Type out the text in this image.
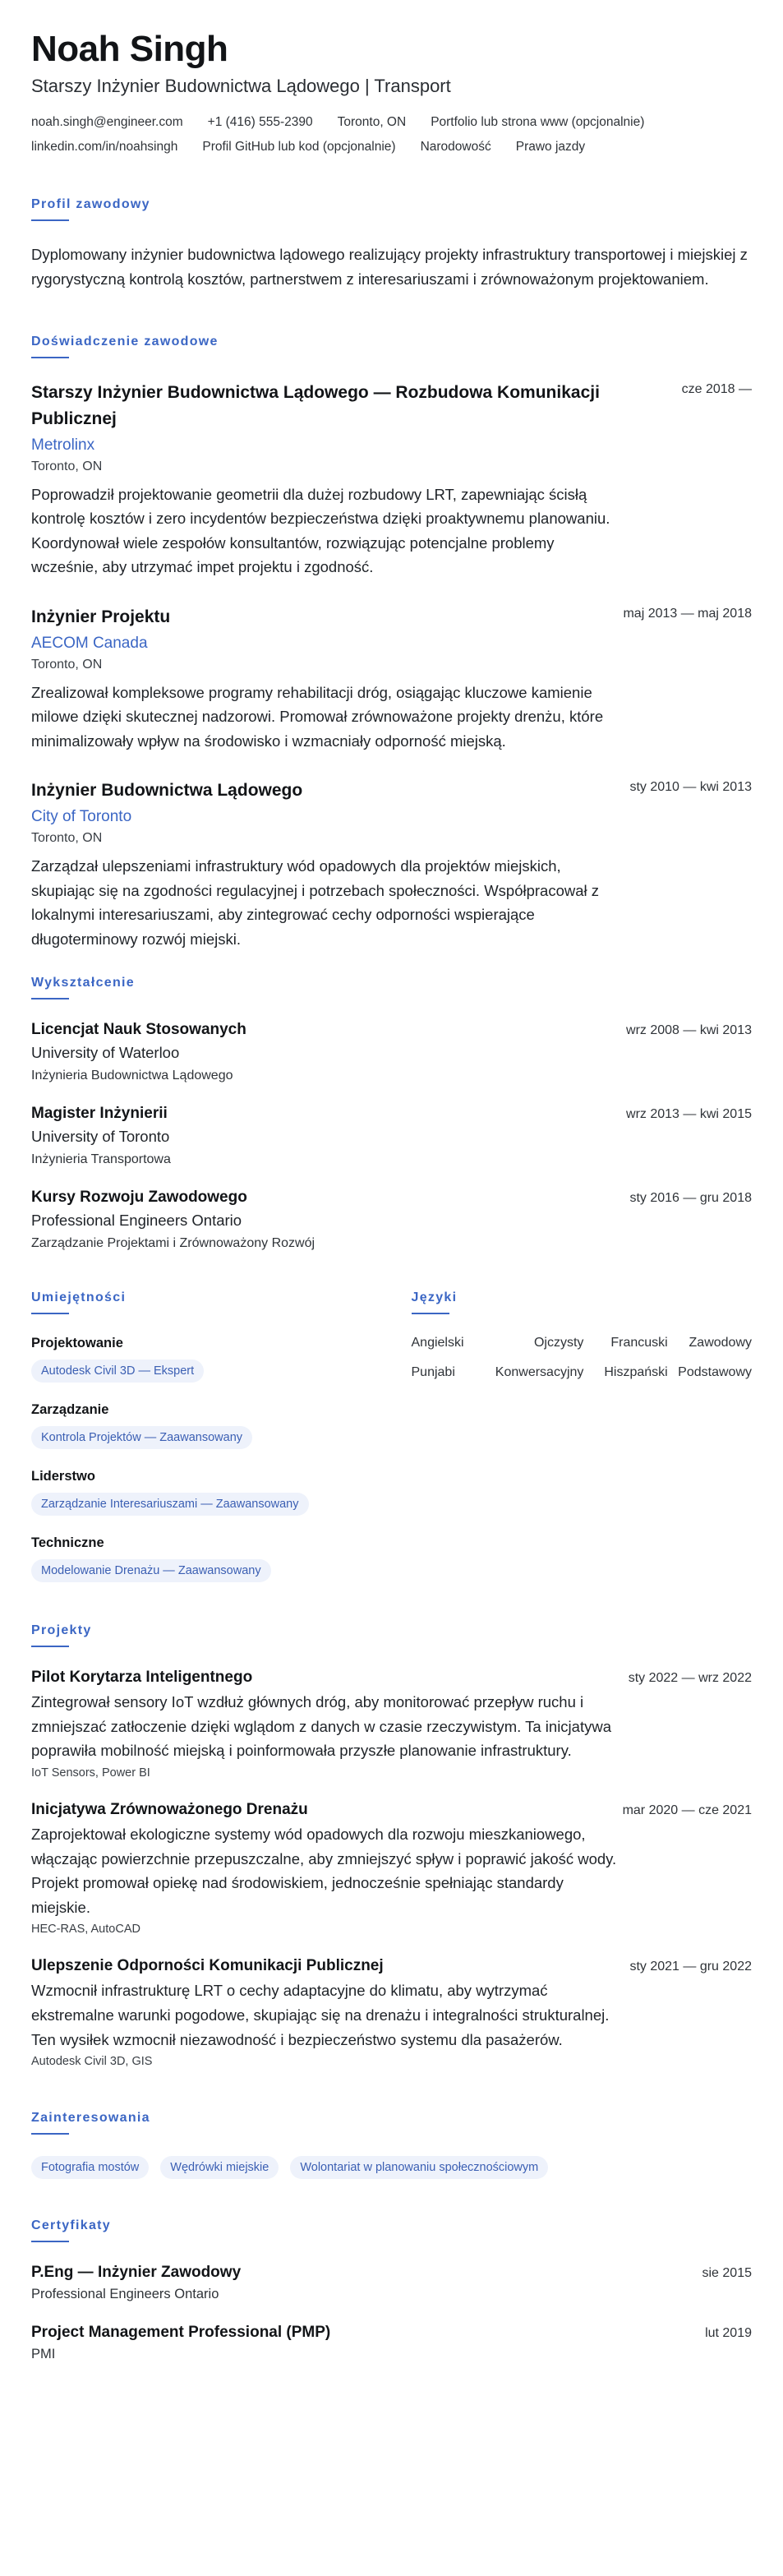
Noah Singh
Starszy Inżynier Budownictwa Lądowego | Transport
noah.singh@engineer.com +1 (416) 555-2390 Toronto, ON Portfolio lub strona www (opcjonalnie)
linkedin.com/in/noahsingh Profil GitHub lub kod (opcjonalnie) Narodowość Prawo jazdy
Profil zawodowy

Dyplomowany inżynier budownictwa lądowego realizujący projekty infrastruktury transportowej i miejskiej z rygorystyczną kontrolą kosztów, partnerstwem z interesariuszami i zrównoważonym projektowaniem.

Doświadczenie zawodowe
Starszy Inżynier Budownictwa Lądowego — Rozbudowa Komunikacji Publicznej
Metrolinx
Toronto, ON

Poprowadził projektowanie geometrii dla dużej rozbudowy LRT, zapewniając ścisłą kontrolę kosztów i zero incydentów bezpieczeństwa dzięki proaktywnemu planowaniu. Koordynował wiele zespołów konsultantów, rozwiązując potencjalne problemy wcześnie, aby utrzymać impet projektu i zgodność.

cze 2018 —
Inżynier Projektu
AECOM Canada
Toronto, ON

Zrealizował kompleksowe programy rehabilitacji dróg, osiągając kluczowe kamienie milowe dzięki skutecznej nadzorowi. Promował zrównoważone projekty drenżu, które minimalizowały wpływ na środowisko i wzmacniały odporność miejską.

maj 2013 — maj 2018
Inżynier Budownictwa Lądowego
City of Toronto
Toronto, ON

Zarządzał ulepszeniami infrastruktury wód opadowych dla projektów miejskich, skupiając się na zgodności regulacyjnej i potrzebach społeczności. Współpracował z lokalnymi interesariuszami, aby zintegrować cechy odporności wspierające długoterminowy rozwój miejski.

sty 2010 — kwi 2013
Wykształcenie
Licencjat Nauk Stosowanych
University of Waterloo
Inżynieria Budownictwa Lądowego
wrz 2008 — kwi 2013
Magister Inżynierii
University of Toronto
Inżynieria Transportowa
wrz 2013 — kwi 2015
Kursy Rozwoju Zawodowego
Professional Engineers Ontario
Zarządzanie Projektami i Zrównoważony Rozwój
sty 2016 — gru 2018
Umiejętności
Projektowanie
Autodesk Civil 3D — Ekspert
Zarządzanie
Kontrola Projektów — Zaawansowany
Liderstwo
Zarządzanie Interesariuszami — Zaawansowany
Techniczne
Modelowanie Drenażu — Zaawansowany
Języki
Angielski	Ojczysty	Francuski	Zawodowy
Punjabi	Konwersacyjny	Hiszpański Podstawowy
Projekty
Pilot Korytarza Inteligentnego

Zintegrował sensory IoT wzdłuż głównych dróg, aby monitorować przepływ ruchu i zmniejszać zatłoczenie dzięki wglądom z danych w czasie rzeczywistym. Ta inicjatywa poprawiła mobilność miejską i poinformowała przyszłe planowanie infrastruktury.

IoT Sensors, Power BI
sty 2022 — wrz 2022
Inicjatywa Zrównoważonego Drenażu

Zaprojektował ekologiczne systemy wód opadowych dla rozwoju mieszkaniowego, włączając powierzchnie przepuszczalne, aby zmniejszyć spływ i poprawić jakość wody. Projekt promował opiekę nad środowiskiem, jednocześnie spełniając standardy miejskie.

HEC-RAS, AutoCAD
mar 2020 — cze 2021
Ulepszenie Odporności Komunikacji Publicznej

Wzmocnił infrastrukturę LRT o cechy adaptacyjne do klimatu, aby wytrzymać ekstremalne warunki pogodowe, skupiając się na drenażu i integralności strukturalnej. Ten wysiłek wzmocnił niezawodność i bezpieczeństwo systemu dla pasażerów.

Autodesk Civil 3D, GIS
sty 2021 — gru 2022
Zainteresowania
Fotografia mostów	Wędrówki miejskie	Wolontariat w planowaniu społecznościowym
Certyfikaty
P.Eng — Inżynier Zawodowy
Professional Engineers Ontario
sie 2015
Project Management Professional (PMP)
PMI
lut 2019
